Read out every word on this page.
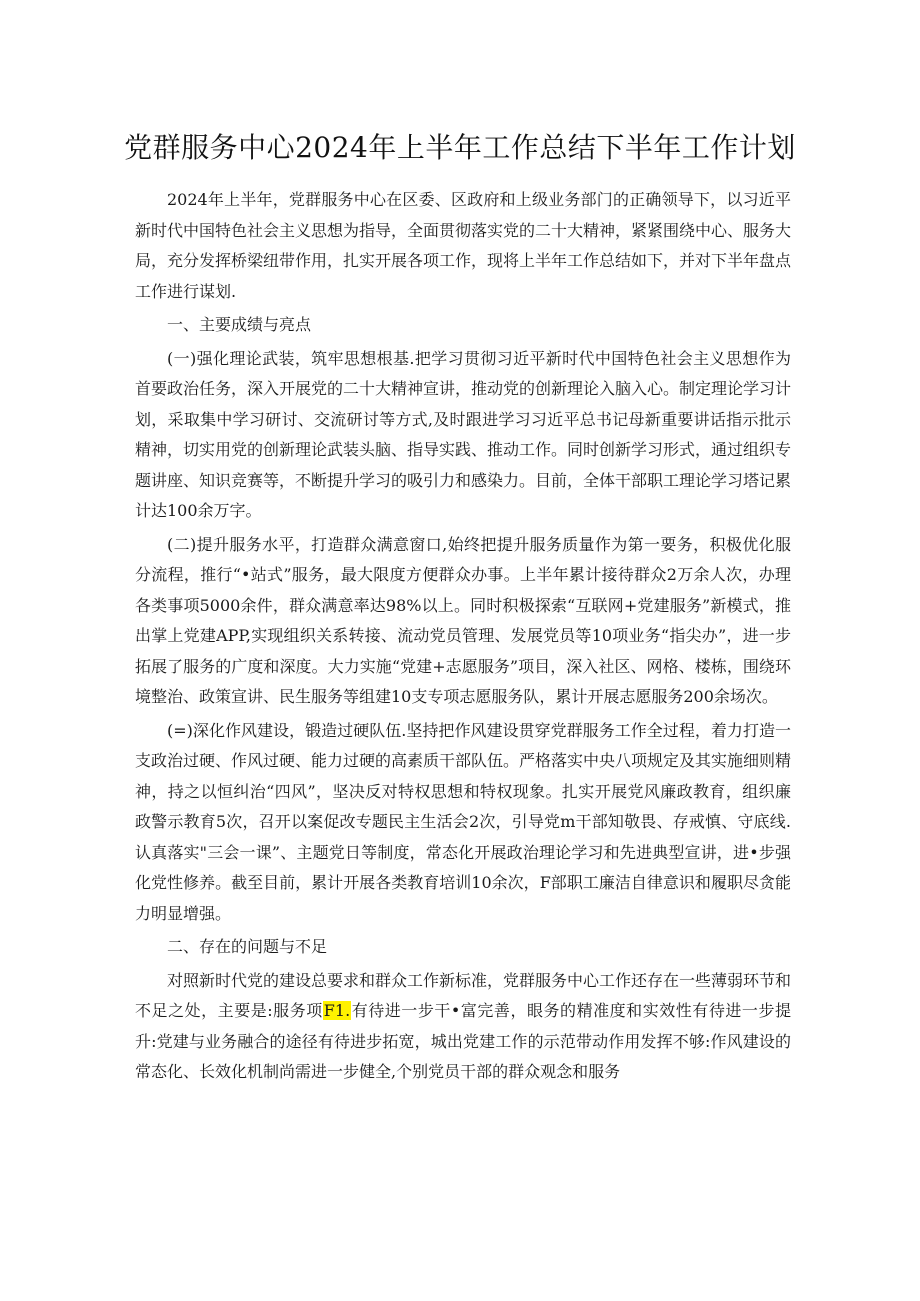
党群服务中心2024年上半年工作总结下半年工作计划

2024年上半年，党群服务中心在区委、区政府和上级业务部门的正确领导下，以习近平新时代中国特色社会主义思想为指导，全面贯彻落实党的二十大精神，紧紧围绕中心、服务大局，充分发挥桥梁纽带作用，扎实开展各项工作，现将上半年工作总结如下，并对下半年盘点工作进行谋划.

一、主要成绩与亮点

(一)强化理论武装，筑牢思想根基.把学习贯彻习近平新时代中国特色社会主义思想作为首要政治任务，深入开展党的二十大精神宣讲，推动党的创新理论入脑入心。制定理论学习计划，采取集中学习研讨、交流研讨等方式,及时跟进学习习近平总书记母新重要讲话指示批示精神，切实用党的创新理论武装头脑、指导实践、推动工作。同时创新学习形式，通过组织专题讲座、知识竞赛等，不断提升学习的吸引力和感染力。目前，全体干部职工理论学习塔记累计达100余万字。

(二)提升服务水平，打造群众满意窗口,始终把提升服务质量作为第一要务，积极优化服分流程，推行“•站式”服务，最大限度方便群众办事。上半年累计接待群众2万余人次，办理各类事项5000余件，群众满意率达98%以上。同时积极探索“互联网+党建服务”新模式，推出掌上党建APP,实现组织关系转接、流动党员管理、发展党员等10项业务“指尖办”，进一步拓展了服务的广度和深度。大力实施“党建+志愿服务”项目，深入社区、网格、楼栋，围绕环境整治、政策宣讲、民生服务等组建10支专项志愿服务队，累计开展志愿服务200余场次。

(=)深化作风建设，锻造过硬队伍.坚持把作风建设贯穿党群服务工作全过程，着力打造一支政治过硬、作风过硬、能力过硬的高素质干部队伍。严格落实中央八项规定及其实施细则精神，持之以恒纠治“四风”，坚决反对特权思想和特权现象。扎实开展党风廉政教育，组织廉政警示教育5次，召开以案促改专题民主生活会2次，引导党m干部知敬畏、存戒慎、守底线.认真落实"三会一课”、主题党日等制度，常态化开展政治理论学习和先进典型宣讲，进•步强化党性修养。截至目前，累计开展各类教育培训10余次，F部职工廉洁自律意识和履职尽贪能力明显增强。

二、存在的问题与不足

对照新时代党的建设总要求和群众工作新标准，党群服务中心工作还存在一些薄弱环节和不足之处，主要是:服务项F1.有待进一步干•富完善，眼务的精准度和实效性有待进一步提升:党建与业务融合的途径有待进步拓宽，城出党建工作的示范带动作用发挥不够:作风建设的常态化、长效化机制尚需进一步健全,个别党员干部的群众观念和服务
